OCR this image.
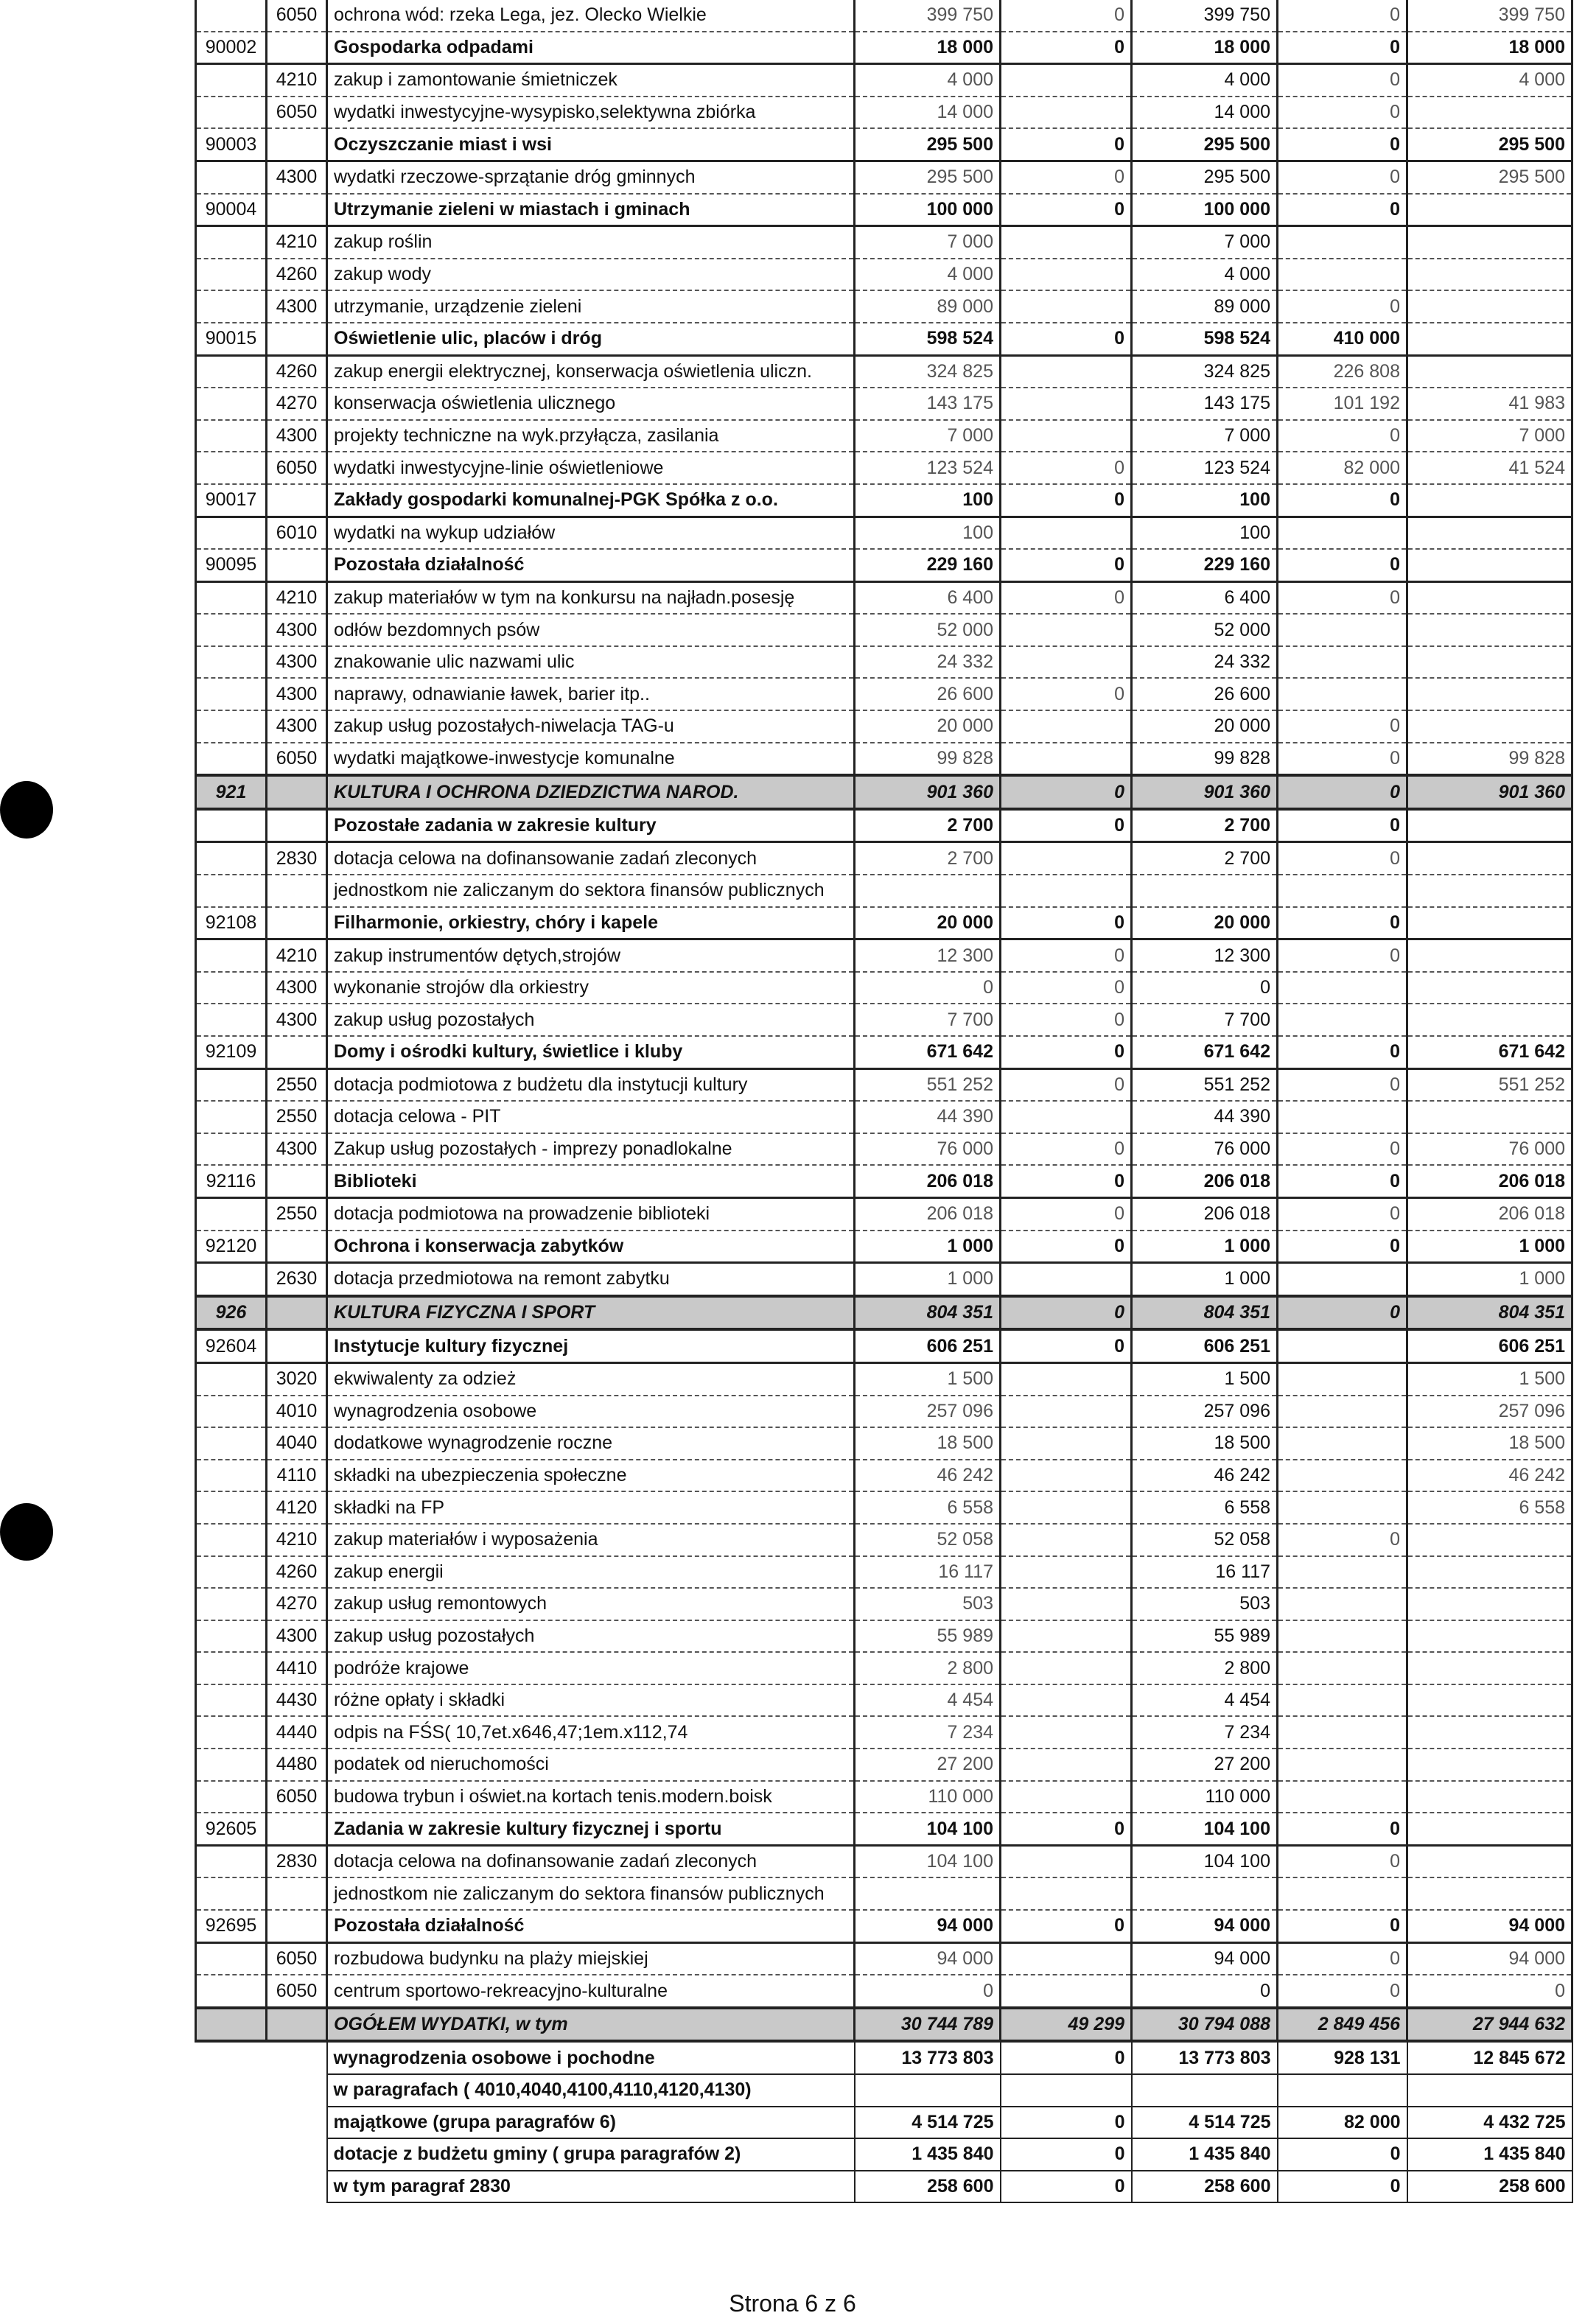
	6050	ochrona wód: rzeka Lega, jez. Olecko Wielkie	399 750	0	399 750	0	399 750
90002		Gospodarka odpadami	18 000	0	18 000	0	18 000
	4210	zakup i zamontowanie śmietniczek	4 000		4 000	0	4 000
	6050	wydatki inwestycyjne-wysypisko,selektywna zbiórka	14 000		14 000	0	
90003		Oczyszczanie miast i wsi	295 500	0	295 500	0	295 500
	4300	wydatki rzeczowe-sprzątanie dróg gminnych	295 500	0	295 500	0	295 500
90004		Utrzymanie zieleni w miastach i gminach	100 000	0	100 000	0	
	4210	zakup roślin	7 000		7 000		
	4260	zakup wody	4 000		4 000		
	4300	utrzymanie, urządzenie zieleni	89 000		89 000	0	
90015		Oświetlenie ulic, placów i dróg	598 524	0	598 524	410 000	
	4260	zakup energii elektrycznej, konserwacja oświetlenia uliczn.	324 825		324 825	226 808	
	4270	konserwacja oświetlenia ulicznego	143 175		143 175	101 192	41 983
	4300	projekty techniczne na wyk.przyłącza, zasilania	7 000		7 000	0	7 000
	6050	wydatki inwestycyjne-linie oświetleniowe	123 524	0	123 524	82 000	41 524
90017		Zakłady gospodarki komunalnej-PGK Spółka z o.o.	100	0	100	0	
	6010	wydatki na wykup udziałów	100		100		
90095		Pozostała działalność	229 160	0	229 160	0	
	4210	zakup materiałów w tym na konkursu na najładn.posesję	6 400	0	6 400	0	
	4300	odłów bezdomnych psów	52 000		52 000		
	4300	znakowanie ulic nazwami ulic	24 332		24 332		
	4300	naprawy, odnawianie ławek, barier itp..	26 600	0	26 600		
	4300	zakup usług pozostałych-niwelacja TAG-u	20 000		20 000	0	
	6050	wydatki majątkowe-inwestycje komunalne	99 828		99 828	0	99 828
921		KULTURA I OCHRONA DZIEDZICTWA NAROD.	901 360	0	901 360	0	901 360
		Pozostałe zadania w zakresie kultury	2 700	0	2 700	0	
	2830	dotacja celowa na dofinansowanie zadań zleconych	2 700		2 700	0	
		jednostkom nie zaliczanym do sektora finansów publicznych					
92108		Filharmonie, orkiestry, chóry i kapele	20 000	0	20 000	0	
	4210	zakup instrumentów dętych,strojów	12 300	0	12 300	0	
	4300	wykonanie strojów dla orkiestry	0	0	0		
	4300	zakup usług pozostałych	7 700	0	7 700		
92109		Domy i ośrodki kultury, świetlice i kluby	671 642	0	671 642	0	671 642
	2550	dotacja podmiotowa z budżetu dla instytucji kultury	551 252	0	551 252	0	551 252
	2550	dotacja celowa - PIT	44 390		44 390		
	4300	Zakup usług pozostałych - imprezy ponadlokalne	76 000	0	76 000	0	76 000
92116		Biblioteki	206 018	0	206 018	0	206 018
	2550	dotacja podmiotowa na prowadzenie biblioteki	206 018	0	206 018	0	206 018
92120		Ochrona i konserwacja zabytków	1 000	0	1 000	0	1 000
	2630	dotacja przedmiotowa na remont zabytku	1 000		1 000		1 000
926		KULTURA FIZYCZNA I SPORT	804 351	0	804 351	0	804 351
92604		Instytucje kultury fizycznej	606 251	0	606 251		606 251
	3020	ekwiwalenty za odzież	1 500		1 500		1 500
	4010	wynagrodzenia osobowe	257 096		257 096		257 096
	4040	dodatkowe wynagrodzenie roczne	18 500		18 500		18 500
	4110	składki na ubezpieczenia społeczne	46 242		46 242		46 242
	4120	składki na FP	6 558		6 558		6 558
	4210	zakup materiałów i wyposażenia	52 058		52 058	0	
	4260	zakup energii	16 117		16 117		
	4270	zakup usług remontowych	503		503		
	4300	zakup usług pozostałych	55 989		55 989		
	4410	podróże krajowe	2 800		2 800		
	4430	różne opłaty i składki	4 454		4 454		
	4440	odpis na FŚS( 10,7et.x646,47;1em.x112,74	7 234		7 234		
	4480	podatek od nieruchomości	27 200		27 200		
	6050	budowa trybun i oświet.na kortach tenis.modern.boisk	110 000		110 000		
92605		Zadania w zakresie kultury fizycznej i sportu	104 100	0	104 100	0	
	2830	dotacja celowa na dofinansowanie zadań zleconych	104 100		104 100	0	
		jednostkom nie zaliczanym do sektora finansów publicznych					
92695		Pozostała działalność	94 000	0	94 000	0	94 000
	6050	rozbudowa budynku na plaży miejskiej	94 000		94 000	0	94 000
	6050	centrum sportowo-rekreacyjno-kulturalne	0		0	0	0
		OGÓŁEM WYDATKI, w tym	30 744 789	49 299	30 794 088	2 849 456	27 944 632
		wynagrodzenia osobowe i pochodne	13 773 803	0	13 773 803	928 131	12 845 672
		w paragrafach ( 4010,4040,4100,4110,4120,4130)					
		majątkowe (grupa paragrafów 6)	4 514 725	0	4 514 725	82 000	4 432 725
		dotacje z budżetu gminy ( grupa paragrafów 2)	1 435 840	0	1 435 840	0	1 435 840
		w tym paragraf 2830	258 600	0	258 600	0	258 600
Strona 6 z 6
